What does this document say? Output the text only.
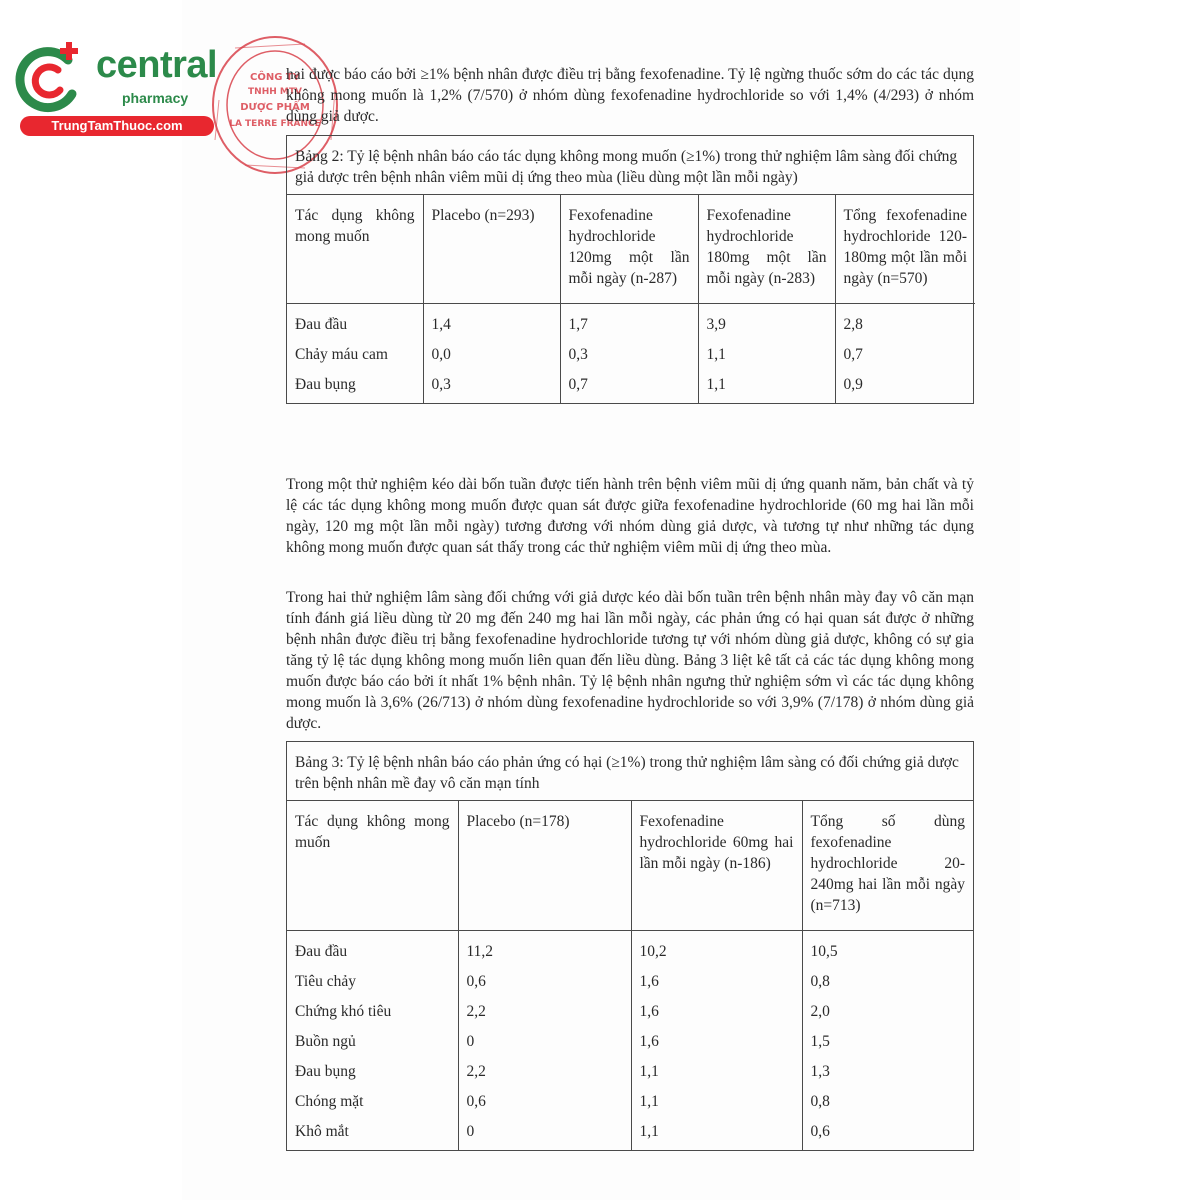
central
pharmacy
TrungTamThuoc.com
CÔNG TY
TNHH MTV
DƯỢC PHẨM
LA TERRE FRANCE

hai được báo cáo bởi ≥1% bệnh nhân được điều trị bằng fexofenadine. Tỷ lệ ngừng thuốc sớm do các tác dụng không mong muốn là 1,2% (7/570) ở nhóm dùng fexofenadine hydrochloride so với 1,4% (4/293) ở nhóm dùng giả dược.

Bảng 2: Tỷ lệ bệnh nhân báo cáo tác dụng không mong muốn (≥1%) trong thử nghiệm lâm sàng đối chứng giả dược trên bệnh nhân viêm mũi dị ứng theo mùa (liều dùng một lần mỗi ngày)
Tác dụng không mong muốn	Placebo (n=293)	Fexofenadine hydrochloride 120mg một lần mỗi ngày (n-287)	Fexofenadine hydrochloride 180mg một lần mỗi ngày (n-283)	Tổng fexofenadine hydrochloride 120-180mg một lần mỗi ngày (n=570)
Đau đầu	1,4	1,7	3,9	2,8
Chảy máu cam	0,0	0,3	1,1	0,7
Đau bụng	0,3	0,7	1,1	0,9

Trong một thử nghiệm kéo dài bốn tuần được tiến hành trên bệnh viêm mũi dị ứng quanh năm, bản chất và tỷ lệ các tác dụng không mong muốn được quan sát được giữa fexofenadine hydrochloride (60 mg hai lần mỗi ngày, 120 mg một lần mỗi ngày) tương đương với nhóm dùng giả dược, và tương tự như những tác dụng không mong muốn được quan sát thấy trong các thử nghiệm viêm mũi dị ứng theo mùa.

Trong hai thử nghiệm lâm sàng đối chứng với giả dược kéo dài bốn tuần trên bệnh nhân mày đay vô căn mạn tính đánh giá liều dùng từ 20 mg đến 240 mg hai lần mỗi ngày, các phản ứng có hại quan sát được ở những bệnh nhân được điều trị bằng fexofenadine hydrochloride tương tự với nhóm dùng giả dược, không có sự gia tăng tỷ lệ tác dụng không mong muốn liên quan đến liều dùng. Bảng 3 liệt kê tất cả các tác dụng không mong muốn được báo cáo bởi ít nhất 1% bệnh nhân. Tỷ lệ bệnh nhân ngưng thử nghiệm sớm vì các tác dụng không mong muốn là 3,6% (26/713) ở nhóm dùng fexofenadine hydrochloride so với 3,9% (7/178) ở nhóm dùng giả dược.

Bảng 3: Tỷ lệ bệnh nhân báo cáo phản ứng có hại (≥1%) trong thử nghiệm lâm sàng có đối chứng giả dược trên bệnh nhân mề đay vô căn mạn tính
Tác dụng không mong muốn	Placebo (n=178)	Fexofenadine hydrochloride 60mg hai lần mỗi ngày (n-186)	Tổng số dùng fexofenadine hydrochloride 20-240mg hai lần mỗi ngày (n=713)
Đau đầu	11,2	10,2	10,5
Tiêu chảy	0,6	1,6	0,8
Chứng khó tiêu	2,2	1,6	2,0
Buồn ngủ	0	1,6	1,5
Đau bụng	2,2	1,1	1,3
Chóng mặt	0,6	1,1	0,8
Khô mắt	0	1,1	0,6
